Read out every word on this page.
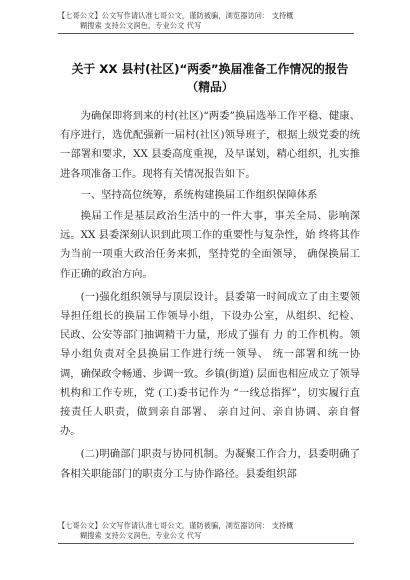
【七哥公文】公文写作请认准七哥公文，谨防被骗，浏览器访问： 支持概
糊搜索 支持公文润色，专业公文 代写
关于 XX 县村(社区)“两委”换届准备工作情况的报告（精品）

为确保即将到来的村(社区)“两委”换届选举工作平稳、健康、有序进行，选优配强新一届村(社区)领导班子，根据上级党委的统一部署和要求，XX 县委高度重视，及早谋划，精心组织，扎实推进各项准备工作。现将有关情况报告如下。

一、坚持高位统筹，系统构建换届工作组织保障体系

换届工作是基层政治生活中的一件大事，事关全局、影响深远。XX 县委深刻认识到此项工作的重要性与复杂性，始 终将其作为当前一项重大政治任务来抓，坚持党的全面领导， 确保换届工作正确的政治方向。

(一)强化组织领导与顶层设计。县委第一时间成立了由主要领导担任组长的换届工作领导小组，下设办公室，从组织、纪检、 民政、公安等部门抽调精干力量，形成了强有 力 的工作机构。领导小组负责对全县换届工作进行统一领导、 统一部署和统一协调，确保政令畅通、步调一致。乡镇(街道) 层面也相应成立了领导机构和工作专班，党 (工)委书记作为 “一线总指挥”，切实履行直接责任人职责，做到亲自部署、 亲自过问、亲自协调、亲自督办。

(二)明确部门职责与协同机制。为凝聚工作合力，县委明确了各相关职能部门的职责分工与协作路径。县委组织部

【七哥公文】公文写作请认准七哥公文，谨防被骗，浏览器访问： 支持概
糊搜索 支持公文润色，专业公文 代写
